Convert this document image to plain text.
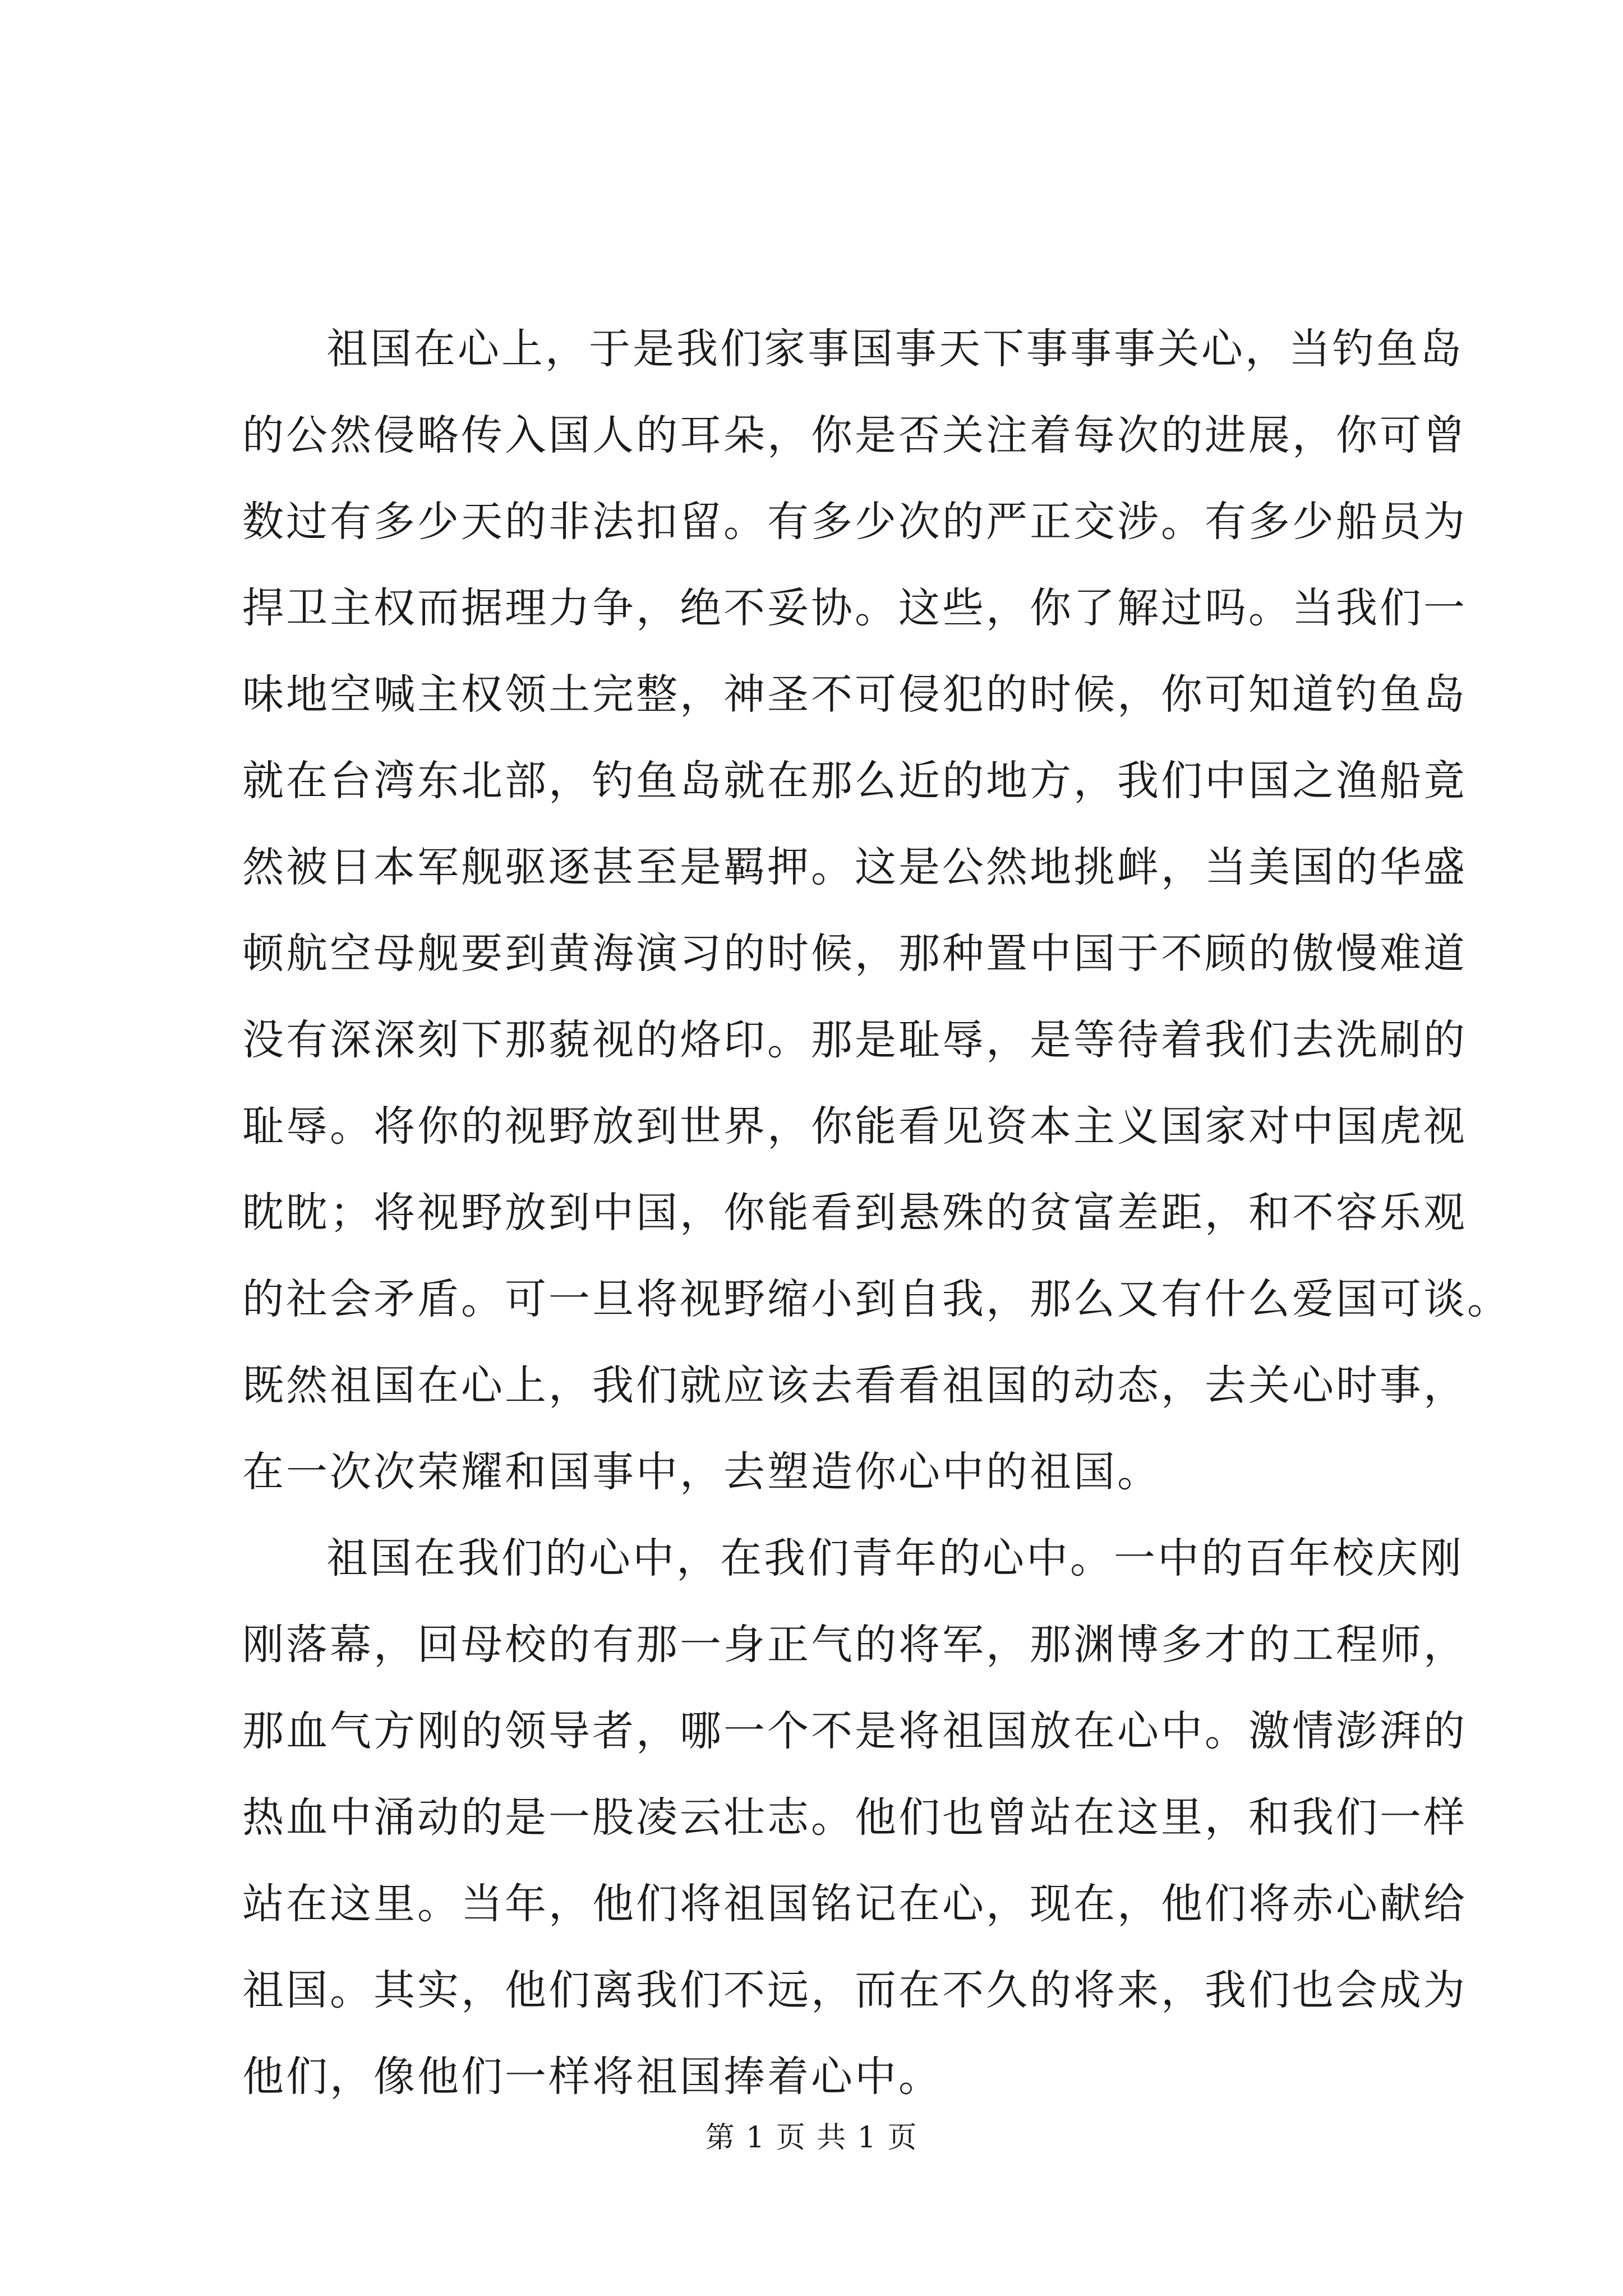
祖国在心上，于是我们家事国事天下事事事关心，当钓鱼岛
的公然侵略传入国人的耳朵，你是否关注着每次的进展，你可曾
数过有多少天的非法扣留。有多少次的严正交涉。有多少船员为
捍卫主权而据理力争，绝不妥协。这些，你了解过吗。当我们一
味地空喊主权领土完整，神圣不可侵犯的时候，你可知道钓鱼岛
就在台湾东北部，钓鱼岛就在那么近的地方，我们中国之渔船竟
然被日本军舰驱逐甚至是羁押。这是公然地挑衅，当美国的华盛
顿航空母舰要到黄海演习的时候，那种置中国于不顾的傲慢难道
没有深深刻下那藐视的烙印。那是耻辱，是等待着我们去洗刷的
耻辱。将你的视野放到世界，你能看见资本主义国家对中国虎视
眈眈；将视野放到中国，你能看到悬殊的贫富差距，和不容乐观
的社会矛盾。可一旦将视野缩小到自我，那么又有什么爱国可谈。
既然祖国在心上，我们就应该去看看祖国的动态，去关心时事，
在一次次荣耀和国事中，去塑造你心中的祖国。
祖国在我们的心中，在我们青年的心中。一中的百年校庆刚
刚落幕，回母校的有那一身正气的将军，那渊博多才的工程师，
那血气方刚的领导者，哪一个不是将祖国放在心中。激情澎湃的
热血中涌动的是一股凌云壮志。他们也曾站在这里，和我们一样
站在这里。当年，他们将祖国铭记在心，现在，他们将赤心献给
祖国。其实，他们离我们不远，而在不久的将来，我们也会成为
他们，像他们一样将祖国捧着心中。
第 1 页 共 1 页
